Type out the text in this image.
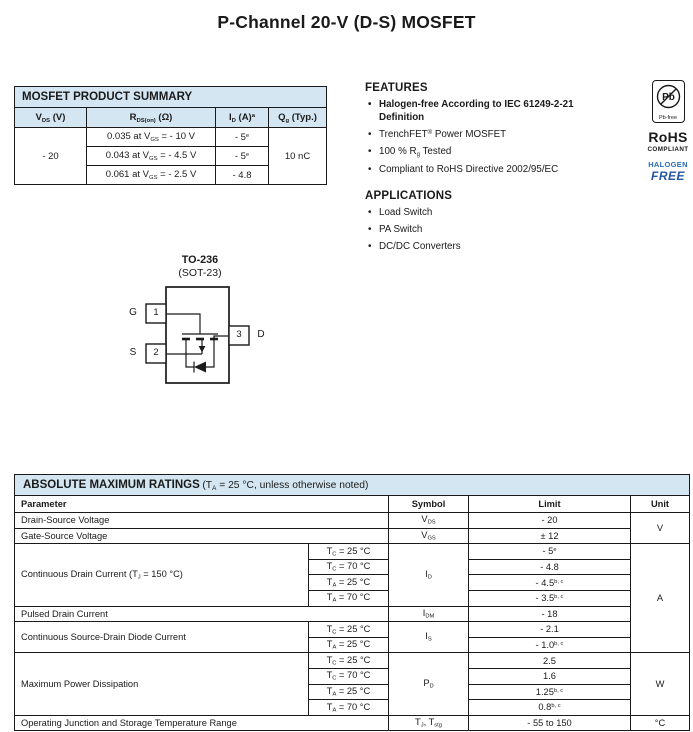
P-Channel 20-V (D-S) MOSFET
MOSFET PRODUCT SUMMARY			
VDS (V)	RDS(on) (Ω)	ID $(A)^a$	Qg (Typ.)
- 20	0.035 at VGS = - 10 V	- 5e	10 nC
	0.043 at VGS = - 4.5 V	- 5e
	0.061 at VGS = - 2.5 V	- 4.8	
FEATURES
• Halogen-free According to IEC 61249-2-21
Definition
• TrenchFET® Power MOSFET
• 100 % Rg Tested
• Compliant to RoHS Directive 2002/95/EC
APPLICATIONS
• Load Switch
• PA Switch
• DC/DC Converters
Pb
Pb-free
RoHS
COMPLIANT
HALOGEN
FREE
TO-236
(SOT-23)
G
S
D
1
2
3
ABSOLUTE MAXIMUM RATINGS (TA = 25 °C, unless otherwise noted)				
Parameter		Symbol	Limit	Unit
Drain-Source Voltage		VDS	- 20	V
Gate-Source Voltage		VGS	± 12	
Continuous Drain Current (TJ = 150 °C)	TC = 25 °C	ID	- 5e	A
	TC = 70 °C		- 4.8	
	TA = 25 °C		- 4.5$^{b, c}$
	TA = 70 °C		- 3.5$^{b, c}$
Pulsed Drain Current		IDM	- 18	
Continuous Source-Drain Diode Current	TC = 25 °C	IS	- 2.1	
	TA = 25 °C		- 1.0$^{b, c}$
Maximum Power Dissipation	TC = 25 °C	PD	2.5	W
	TC = 70 °C		1.6	
	TA = 25 °C		1.25$^{b, c}$
	TA = 70 °C		0.8$^{b, c}$
Operating Junction and Storage Temperature Range		TJ, Tstg	- 55 to 150	°C
